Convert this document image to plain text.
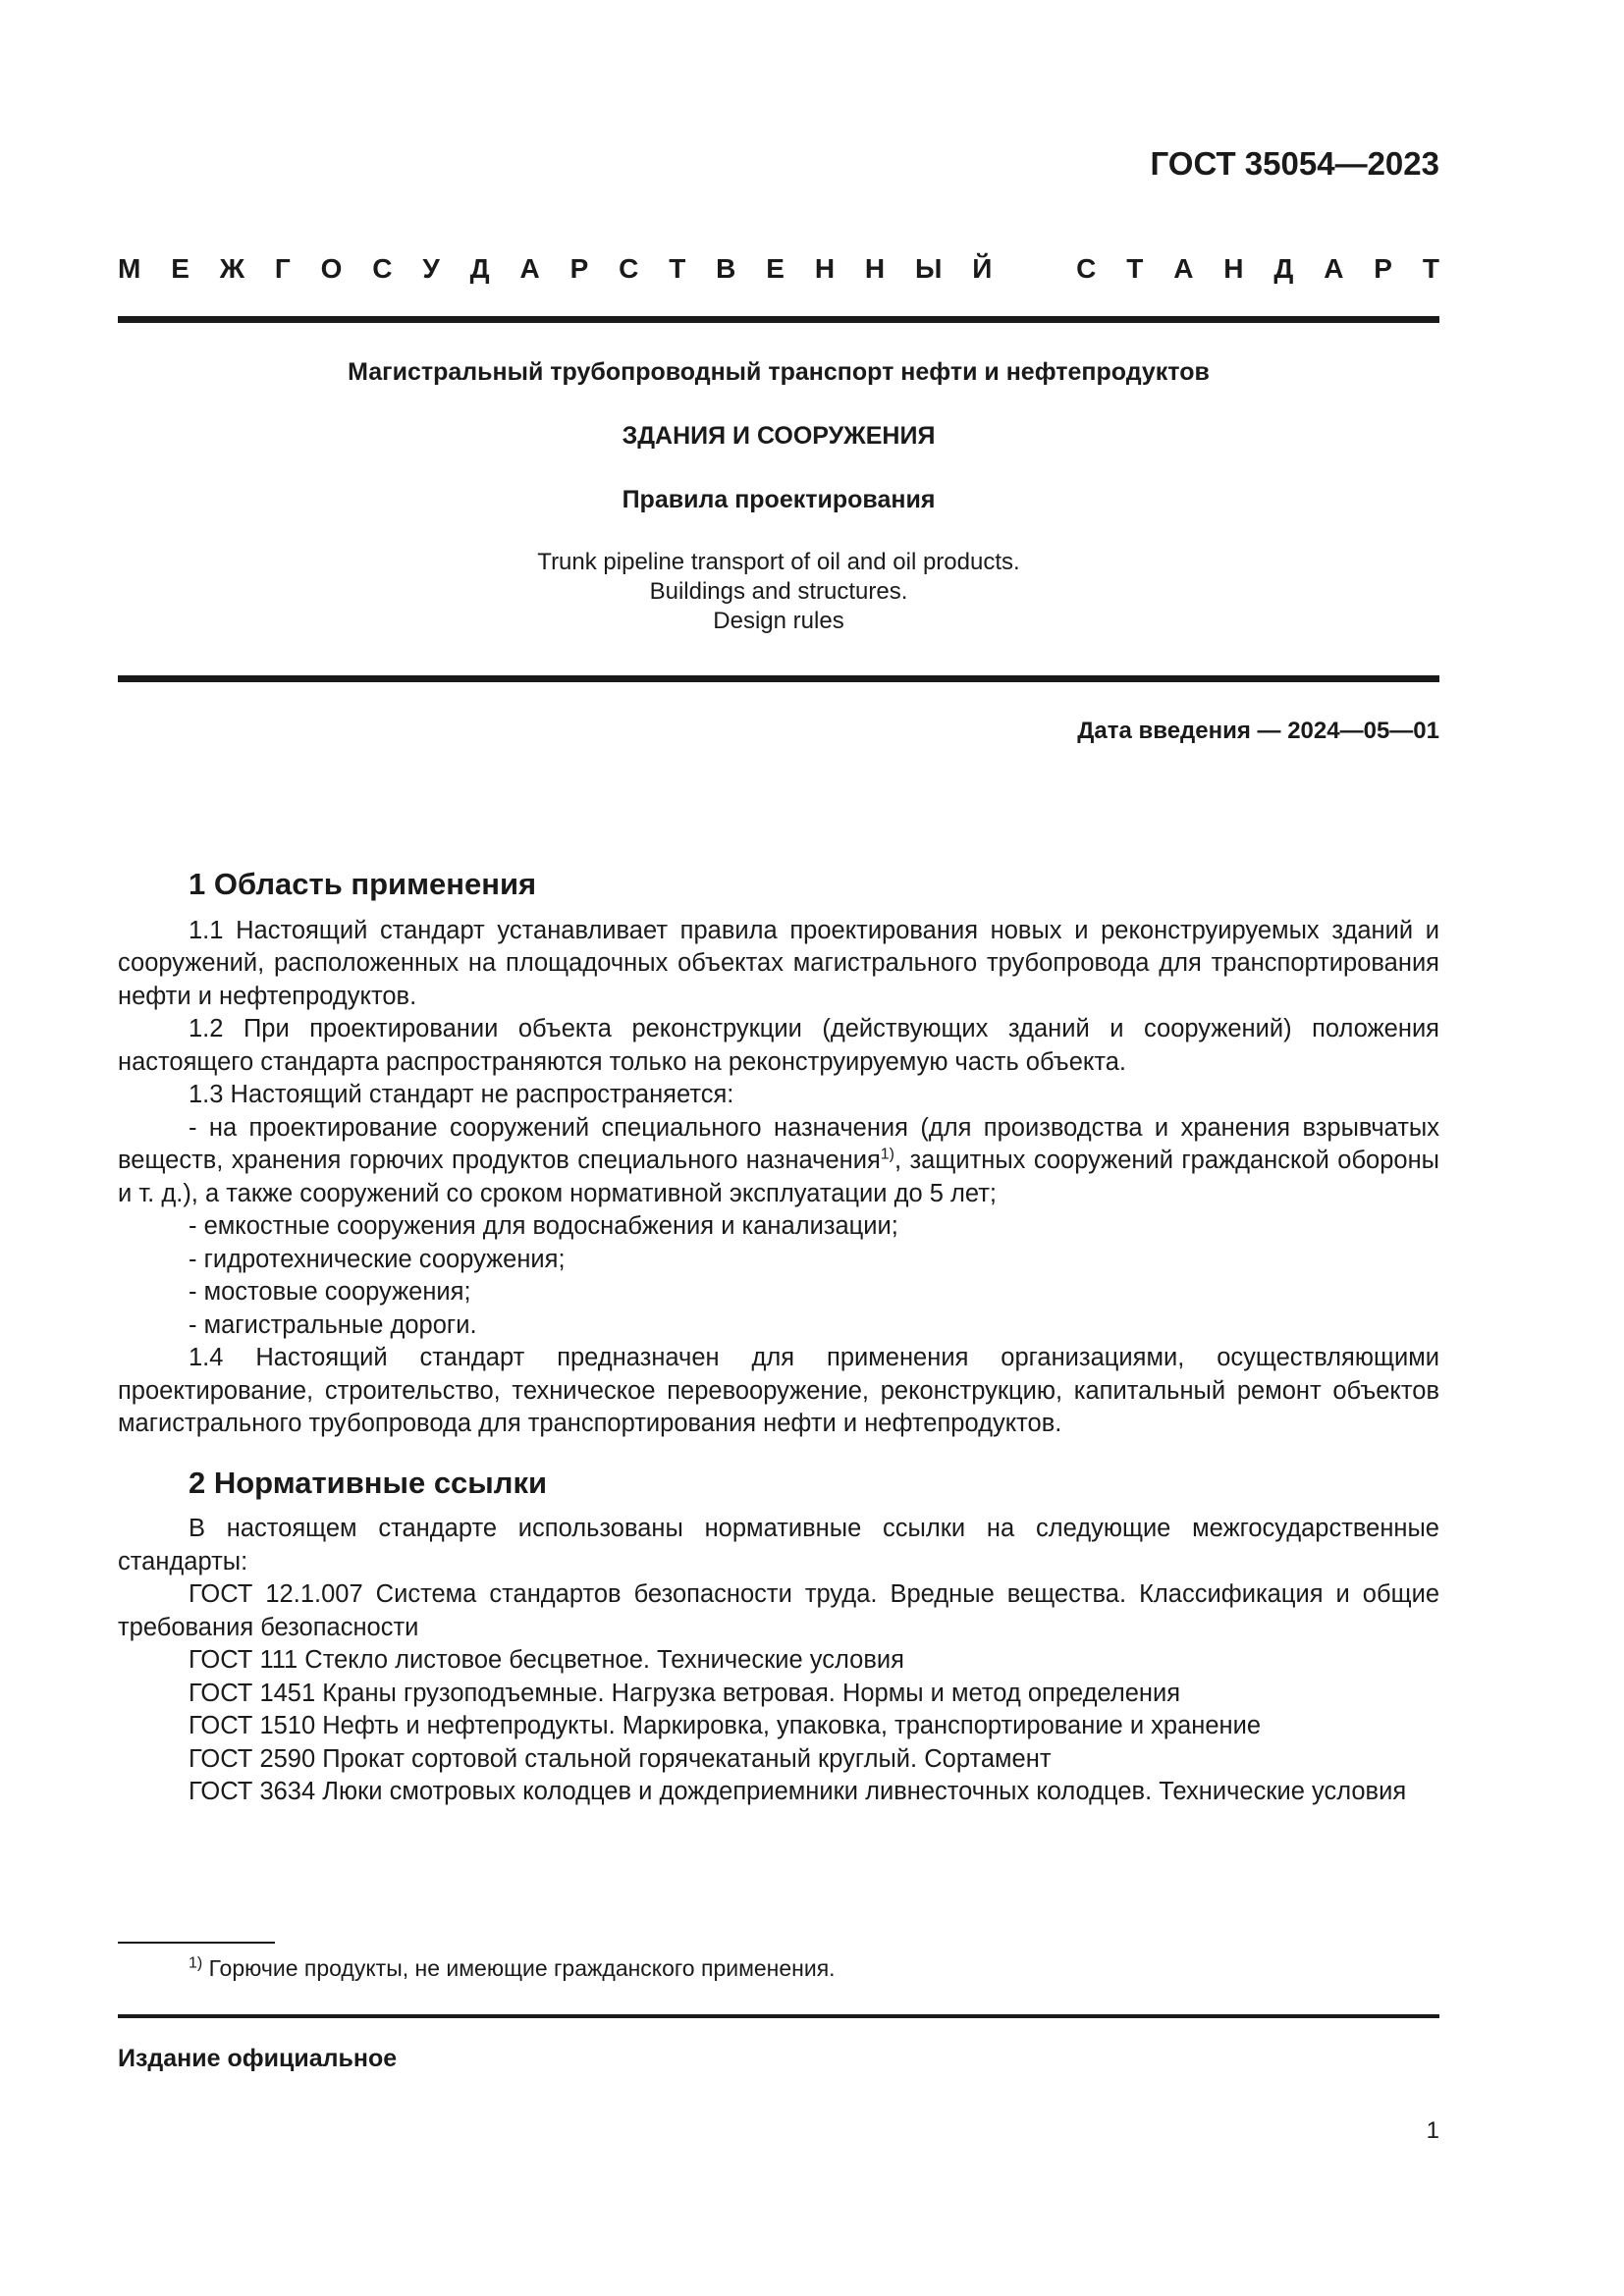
ГОСТ 35054—2023
М Е Ж Г О С У Д А Р С Т В Е Н Н Ы Й	С Т А Н Д А Р Т
Магистральный трубопроводный транспорт нефти и нефтепродуктов
ЗДАНИЯ И СООРУЖЕНИЯ
Правила проектирования
Trunk pipeline transport of oil and oil products.
Buildings and structures.
Design rules
Дата введения — 2024—05—01
1 Область применения

1.1 Настоящий стандарт устанавливает правила проектирования новых и реконструируемых зданий и сооружений, расположенных на площадочных объектах магистрального трубопровода для транспортирования нефти и нефтепродуктов.

1.2 При проектировании объекта реконструкции (действующих зданий и сооружений) положения настоящего стандарта распространяются только на реконструируемую часть объекта.

1.3 Настоящий стандарт не распространяется:

- на проектирование сооружений специального назначения (для производства и хранения взрывчатых веществ, хранения горючих продуктов специального назначения$^{1)}$, защитных сооружений гражданской обороны и т. д.), а также сооружений со сроком нормативной эксплуатации до 5 лет;

- емкостные сооружения для водоснабжения и канализации;

- гидротехнические сооружения;

- мостовые сооружения;

- магистральные дороги.

1.4 Настоящий стандарт предназначен для применения организациями, осуществляющими проектирование, строительство, техническое перевооружение, реконструкцию, капитальный ремонт объектов магистрального трубопровода для транспортирования нефти и нефтепродуктов.

2 Нормативные ссылки

В настоящем стандарте использованы нормативные ссылки на следующие межгосударственные стандарты:

ГОСТ 12.1.007 Система стандартов безопасности труда. Вредные вещества. Классификация и общие требования безопасности

ГОСТ 111 Стекло листовое бесцветное. Технические условия

ГОСТ 1451 Краны грузоподъемные. Нагрузка ветровая. Нормы и метод определения

ГОСТ 1510 Нефть и нефтепродукты. Маркировка, упаковка, транспортирование и хранение

ГОСТ 2590 Прокат сортовой стальной горячекатаный круглый. Сортамент

ГОСТ 3634 Люки смотровых колодцев и дождеприемники ливнесточных колодцев. Технические условия

$^{1)}$ Горючие продукты, не имеющие гражданского применения.
Издание официальное
1
